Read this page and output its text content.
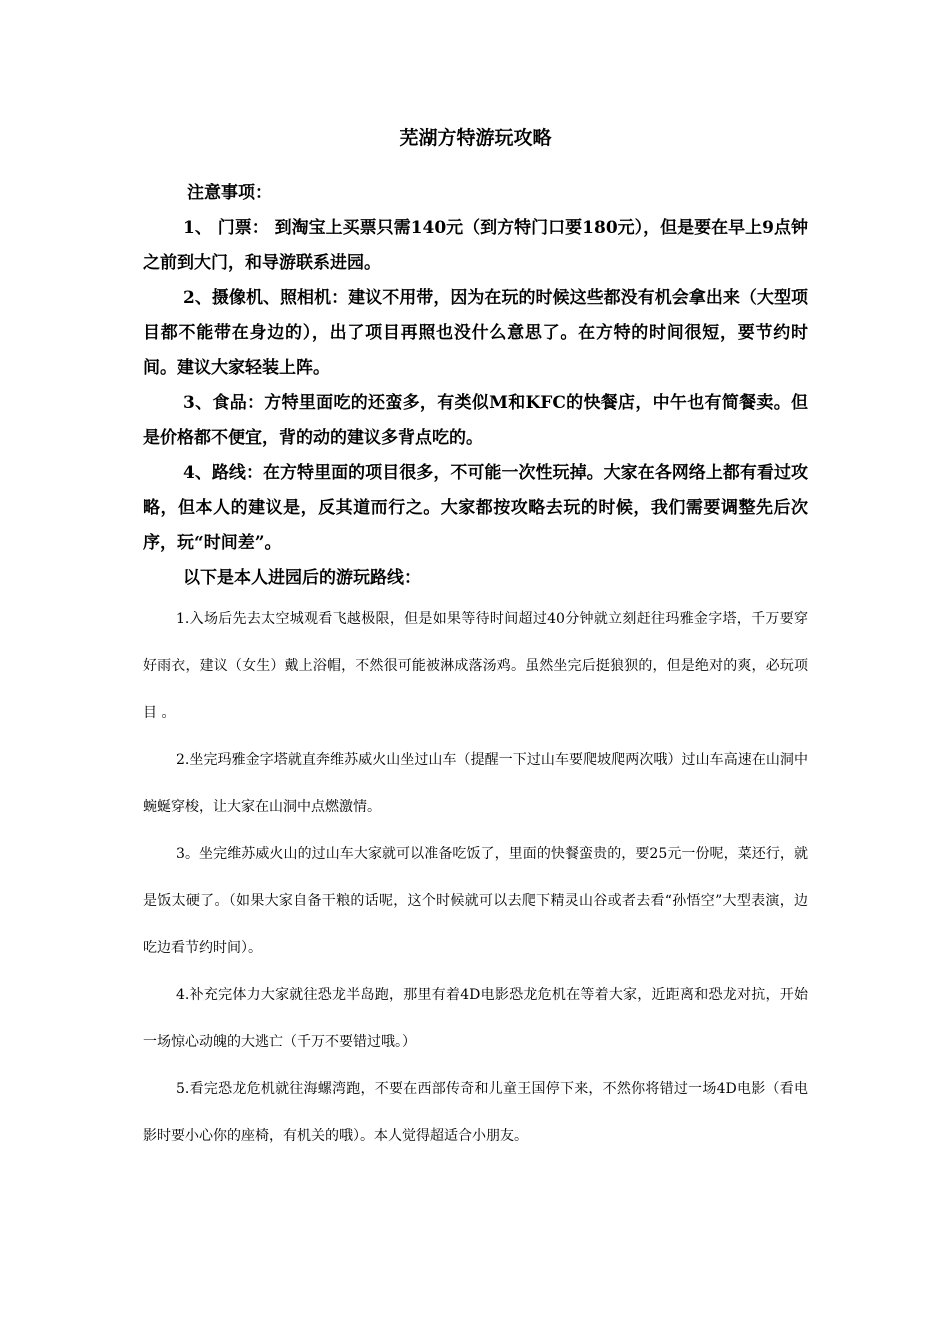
芜湖方特游玩攻略

注意事项：

1、 门票： 到淘宝上买票只需140元（到方特门口要180元），但是要在早上9点钟之前到大门，和导游联系进园。

2、摄像机、照相机：建议不用带，因为在玩的时候这些都没有机会拿出来（大型项目都不能带在身边的），出了项目再照也没什么意思了。在方特的时间很短，要节约时间。建议大家轻装上阵。

3、食品：方特里面吃的还蛮多，有类似M和KFC的快餐店，中午也有简餐卖。但是价格都不便宜，背的动的建议多背点吃的。

4、路线：在方特里面的项目很多，不可能一次性玩掉。大家在各网络上都有看过攻略，但本人的建议是，反其道而行之。大家都按攻略去玩的时候，我们需要调整先后次序，玩“时间差”。

以下是本人进园后的游玩路线：

1.入场后先去太空城观看飞越极限，但是如果等待时间超过40分钟就立刻赶往玛雅金字塔，千万要穿好雨衣，建议（女生）戴上浴帽，不然很可能被淋成落汤鸡。虽然坐完后挺狼狈的，但是绝对的爽，必玩项目 。

2.坐完玛雅金字塔就直奔维苏威火山坐过山车（提醒一下过山车要爬坡爬两次哦）过山车高速在山洞中蜿蜒穿梭，让大家在山洞中点燃激情。

3。坐完维苏威火山的过山车大家就可以准备吃饭了，里面的快餐蛮贵的，要25元一份呢，菜还行，就是饭太硬了。（如果大家自备干粮的话呢，这个时候就可以去爬下精灵山谷或者去看“孙悟空”大型表演，边吃边看节约时间）。

4.补充完体力大家就往恐龙半岛跑，那里有着4D电影恐龙危机在等着大家，近距离和恐龙对抗，开始一场惊心动魄的大逃亡（千万不要错过哦。）

5.看完恐龙危机就往海螺湾跑，不要在西部传奇和儿童王国停下来，不然你将错过一场4D电影（看电影时要小心你的座椅，有机关的哦）。本人觉得超适合小朋友。
